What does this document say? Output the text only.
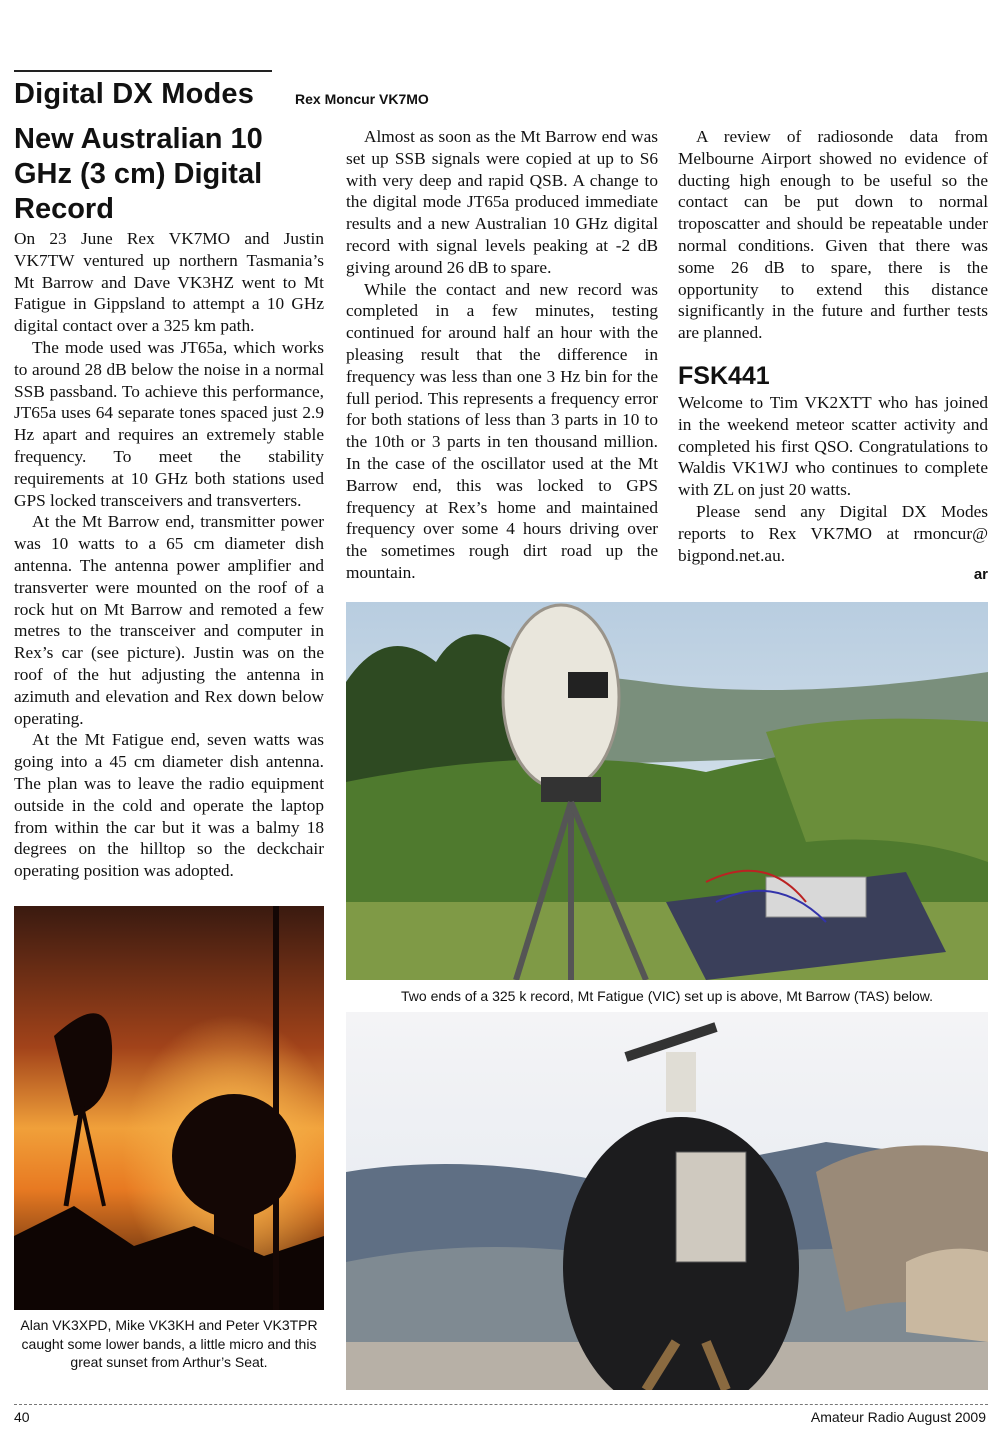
Digital DX Modes	Rex Moncur VK7MO
New Australian 10 GHz (3 cm) Digital Record

On 23 June Rex VK7MO and Justin VK7TW ventured up northern Tasmania’s Mt Barrow and Dave VK3HZ went to Mt Fatigue in Gippsland to attempt a 10 GHz digital contact over a 325 km path.

The mode used was JT65a, which works to around 28 dB below the noise in a normal SSB passband. To achieve this performance, JT65a uses 64 separate tones spaced just 2.9 Hz apart and requires an extremely stable frequency. To meet the stability requirements at 10 GHz both stations used GPS locked transceivers and transverters.

At the Mt Barrow end, transmitter power was 10 watts to a 65 cm diameter dish antenna. The antenna power amplifier and transverter were mounted on the roof of a rock hut on Mt Barrow and remoted a few metres to the transceiver and computer in Rex’s car (see picture). Justin was on the roof of the hut adjusting the antenna in azimuth and elevation and Rex down below operating.

At the Mt Fatigue end, seven watts was going into a 45 cm diameter dish antenna. The plan was to leave the radio equipment outside in the cold and operate the laptop from within the car but it was a balmy 18 degrees on the hilltop so the deckchair operating position was adopted.

Almost as soon as the Mt Barrow end was set up SSB signals were copied at up to S6 with very deep and rapid QSB. A change to the digital mode JT65a produced immediate results and a new Australian 10 GHz digital record with signal levels peaking at -2 dB giving around 26 dB to spare.

While the contact and new record was completed in a few minutes, testing continued for around half an hour with the pleasing result that the difference in frequency was less than one 3 Hz bin for the full period. This represents a frequency error for both stations of less than 3 parts in 10 to the 10th or 3 parts in ten thousand million. In the case of the oscillator used at the Mt Barrow end, this was locked to GPS frequency at Rex’s home and maintained frequency over some 4 hours driving over the sometimes rough dirt road up the mountain.

A review of radiosonde data from Melbourne Airport showed no evidence of ducting high enough to be useful so the contact can be put down to normal troposcatter and should be repeatable under normal conditions. Given that there was some 26 dB to spare, there is the opportunity to extend this distance significantly in the future and further tests are planned.

FSK441

Welcome to Tim VK2XTT who has joined in the weekend meteor scatter activity and completed his first QSO. Congratulations to Waldis VK1WJ who continues to complete with ZL on just 20 watts.

Please send any Digital DX Modes reports to Rex VK7MO at rmoncur@ bigpond.net.au.

ar
Alan VK3XPD, Mike VK3KH and Peter VK3TPR caught some lower bands, a little micro and this great sunset from Arthur’s Seat.
Two ends of a 325 k record, Mt Fatigue (VIC) set up is above, Mt Barrow (TAS) below.
40	Amateur Radio August 2009
